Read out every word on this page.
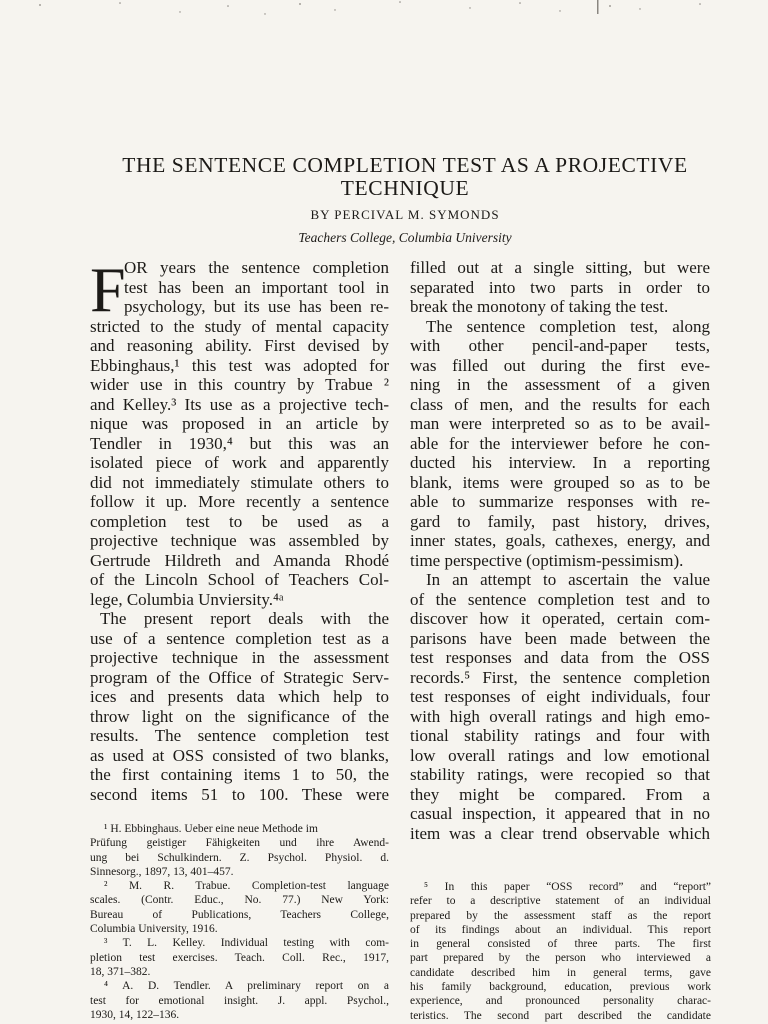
THE SENTENCE COMPLETION TEST AS A PROJECTIVE
TECHNIQUE
BY PERCIVAL M. SYMONDS
Teachers College, Columbia University
F
OR years the sentence completion
test has been an important tool in
psychology, but its use has been re-
stricted to the study of mental capacity
and reasoning ability. First devised by
Ebbinghaus,¹ this test was adopted for
wider use in this country by Trabue ²
and Kelley.³ Its use as a projective tech-
nique was proposed in an article by
Tendler in 1930,⁴ but this was an
isolated piece of work and apparently
did not immediately stimulate others to
follow it up. More recently a sentence
completion test to be used as a
projective technique was assembled by
Gertrude Hildreth and Amanda Rhodé
of the Lincoln School of Teachers Col-
lege, Columbia Unviersity.⁴ᵃ
The present report deals with the
use of a sentence completion test as a
projective technique in the assessment
program of the Office of Strategic Serv-
ices and presents data which help to
throw light on the significance of the
results. The sentence completion test
as used at OSS consisted of two blanks,
the first containing items 1 to 50, the
second items 51 to 100. These were
filled out at a single sitting, but were
separated into two parts in order to
break the monotony of taking the test.
The sentence completion test, along
with other pencil-and-paper tests,
was filled out during the first eve-
ning in the assessment of a given
class of men, and the results for each
man were interpreted so as to be avail-
able for the interviewer before he con-
ducted his interview. In a reporting
blank, items were grouped so as to be
able to summarize responses with re-
gard to family, past history, drives,
inner states, goals, cathexes, energy, and
time perspective (optimism-pessimism).
In an attempt to ascertain the value
of the sentence completion test and to
discover how it operated, certain com-
parisons have been made between the
test responses and data from the OSS
records.⁵ First, the sentence completion
test responses of eight individuals, four
with high overall ratings and high emo-
tional stability ratings and four with
low overall ratings and low emotional
stability ratings, were recopied so that
they might be compared. From a
casual inspection, it appeared that in no
item was a clear trend observable which
¹ H. Ebbinghaus. Ueber eine neue Methode im
Prüfung geistiger Fähigkeiten und ihre Awend-
ung bei Schulkindern. Z. Psychol. Physiol. d.
Sinnesorg., 1897, 13, 401–457.
² M. R. Trabue. Completion-test language
scales. (Contr. Educ., No. 77.) New York:
Bureau of Publications, Teachers College,
Columbia University, 1916.
³ T. L. Kelley. Individual testing with com-
pletion test exercises. Teach. Coll. Rec., 1917,
18, 371–382.
⁴ A. D. Tendler. A preliminary report on a
test for emotional insight. J. appl. Psychol.,
1930, 14, 122–136.
⁵ In this paper “OSS record” and “report”
refer to a descriptive statement of an individual
prepared by the assessment staff as the report
of its findings about an individual. This report
in general consisted of three parts. The first
part prepared by the person who interviewed a
candidate described him in general terms, gave
his family background, education, previous work
experience, and pronounced personality charac-
teristics. The second part described the candidate
